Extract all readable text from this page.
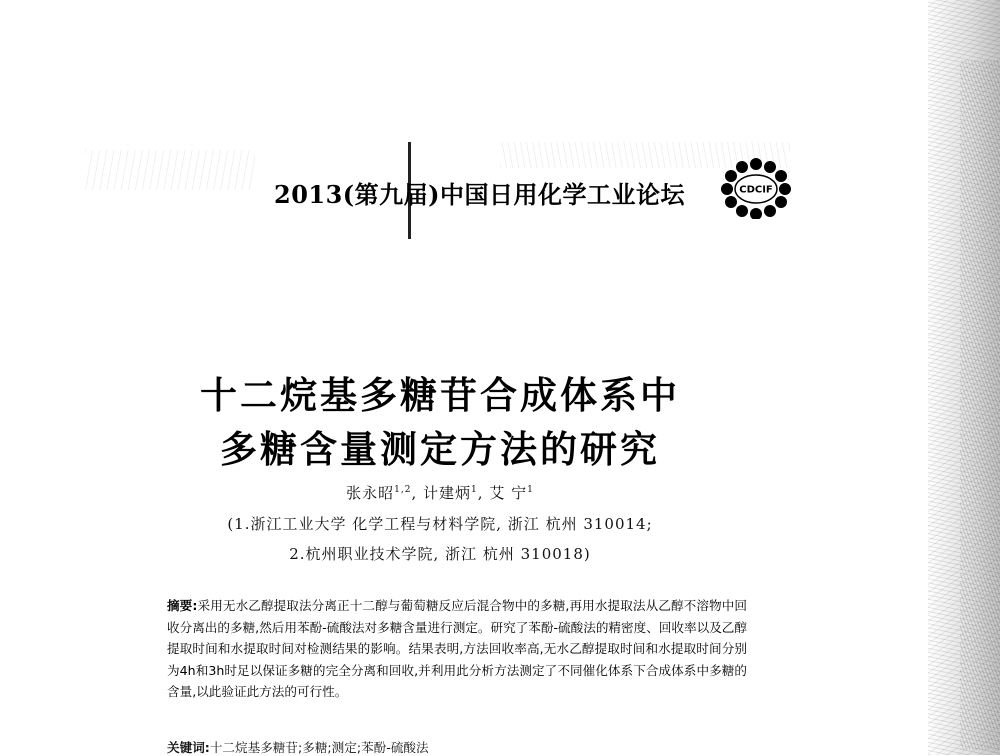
2013(第九届)中国日用化学工业论坛	CDCIF
十二烷基多糖苷合成体系中
多糖含量测定方法的研究
张永昭$^{1,2}$, 计建炳$^1$, 艾 宁$^1$
(1.浙江工业大学 化学工程与材料学院, 浙江 杭州 310014;
2.杭州职业技术学院, 浙江 杭州 310018)
摘要:采用无水乙醇提取法分离正十二醇与葡萄糖反应后混合物中的多糖,再用水提取法从乙醇不溶物中回收分离出的多糖,然后用苯酚-硫酸法对多糖含量进行测定。研究了苯酚-硫酸法的精密度、回收率以及乙醇提取时间和水提取时间对检测结果的影响。结果表明,方法回收率高,无水乙醇提取时间和水提取时间分别为4h和3h时足以保证多糖的完全分离和回收,并利用此分析方法测定了不同催化体系下合成体系中多糖的含量,以此验证此方法的可行性。
关键词:十二烷基多糖苷;多糖;测定;苯酚-硫酸法
